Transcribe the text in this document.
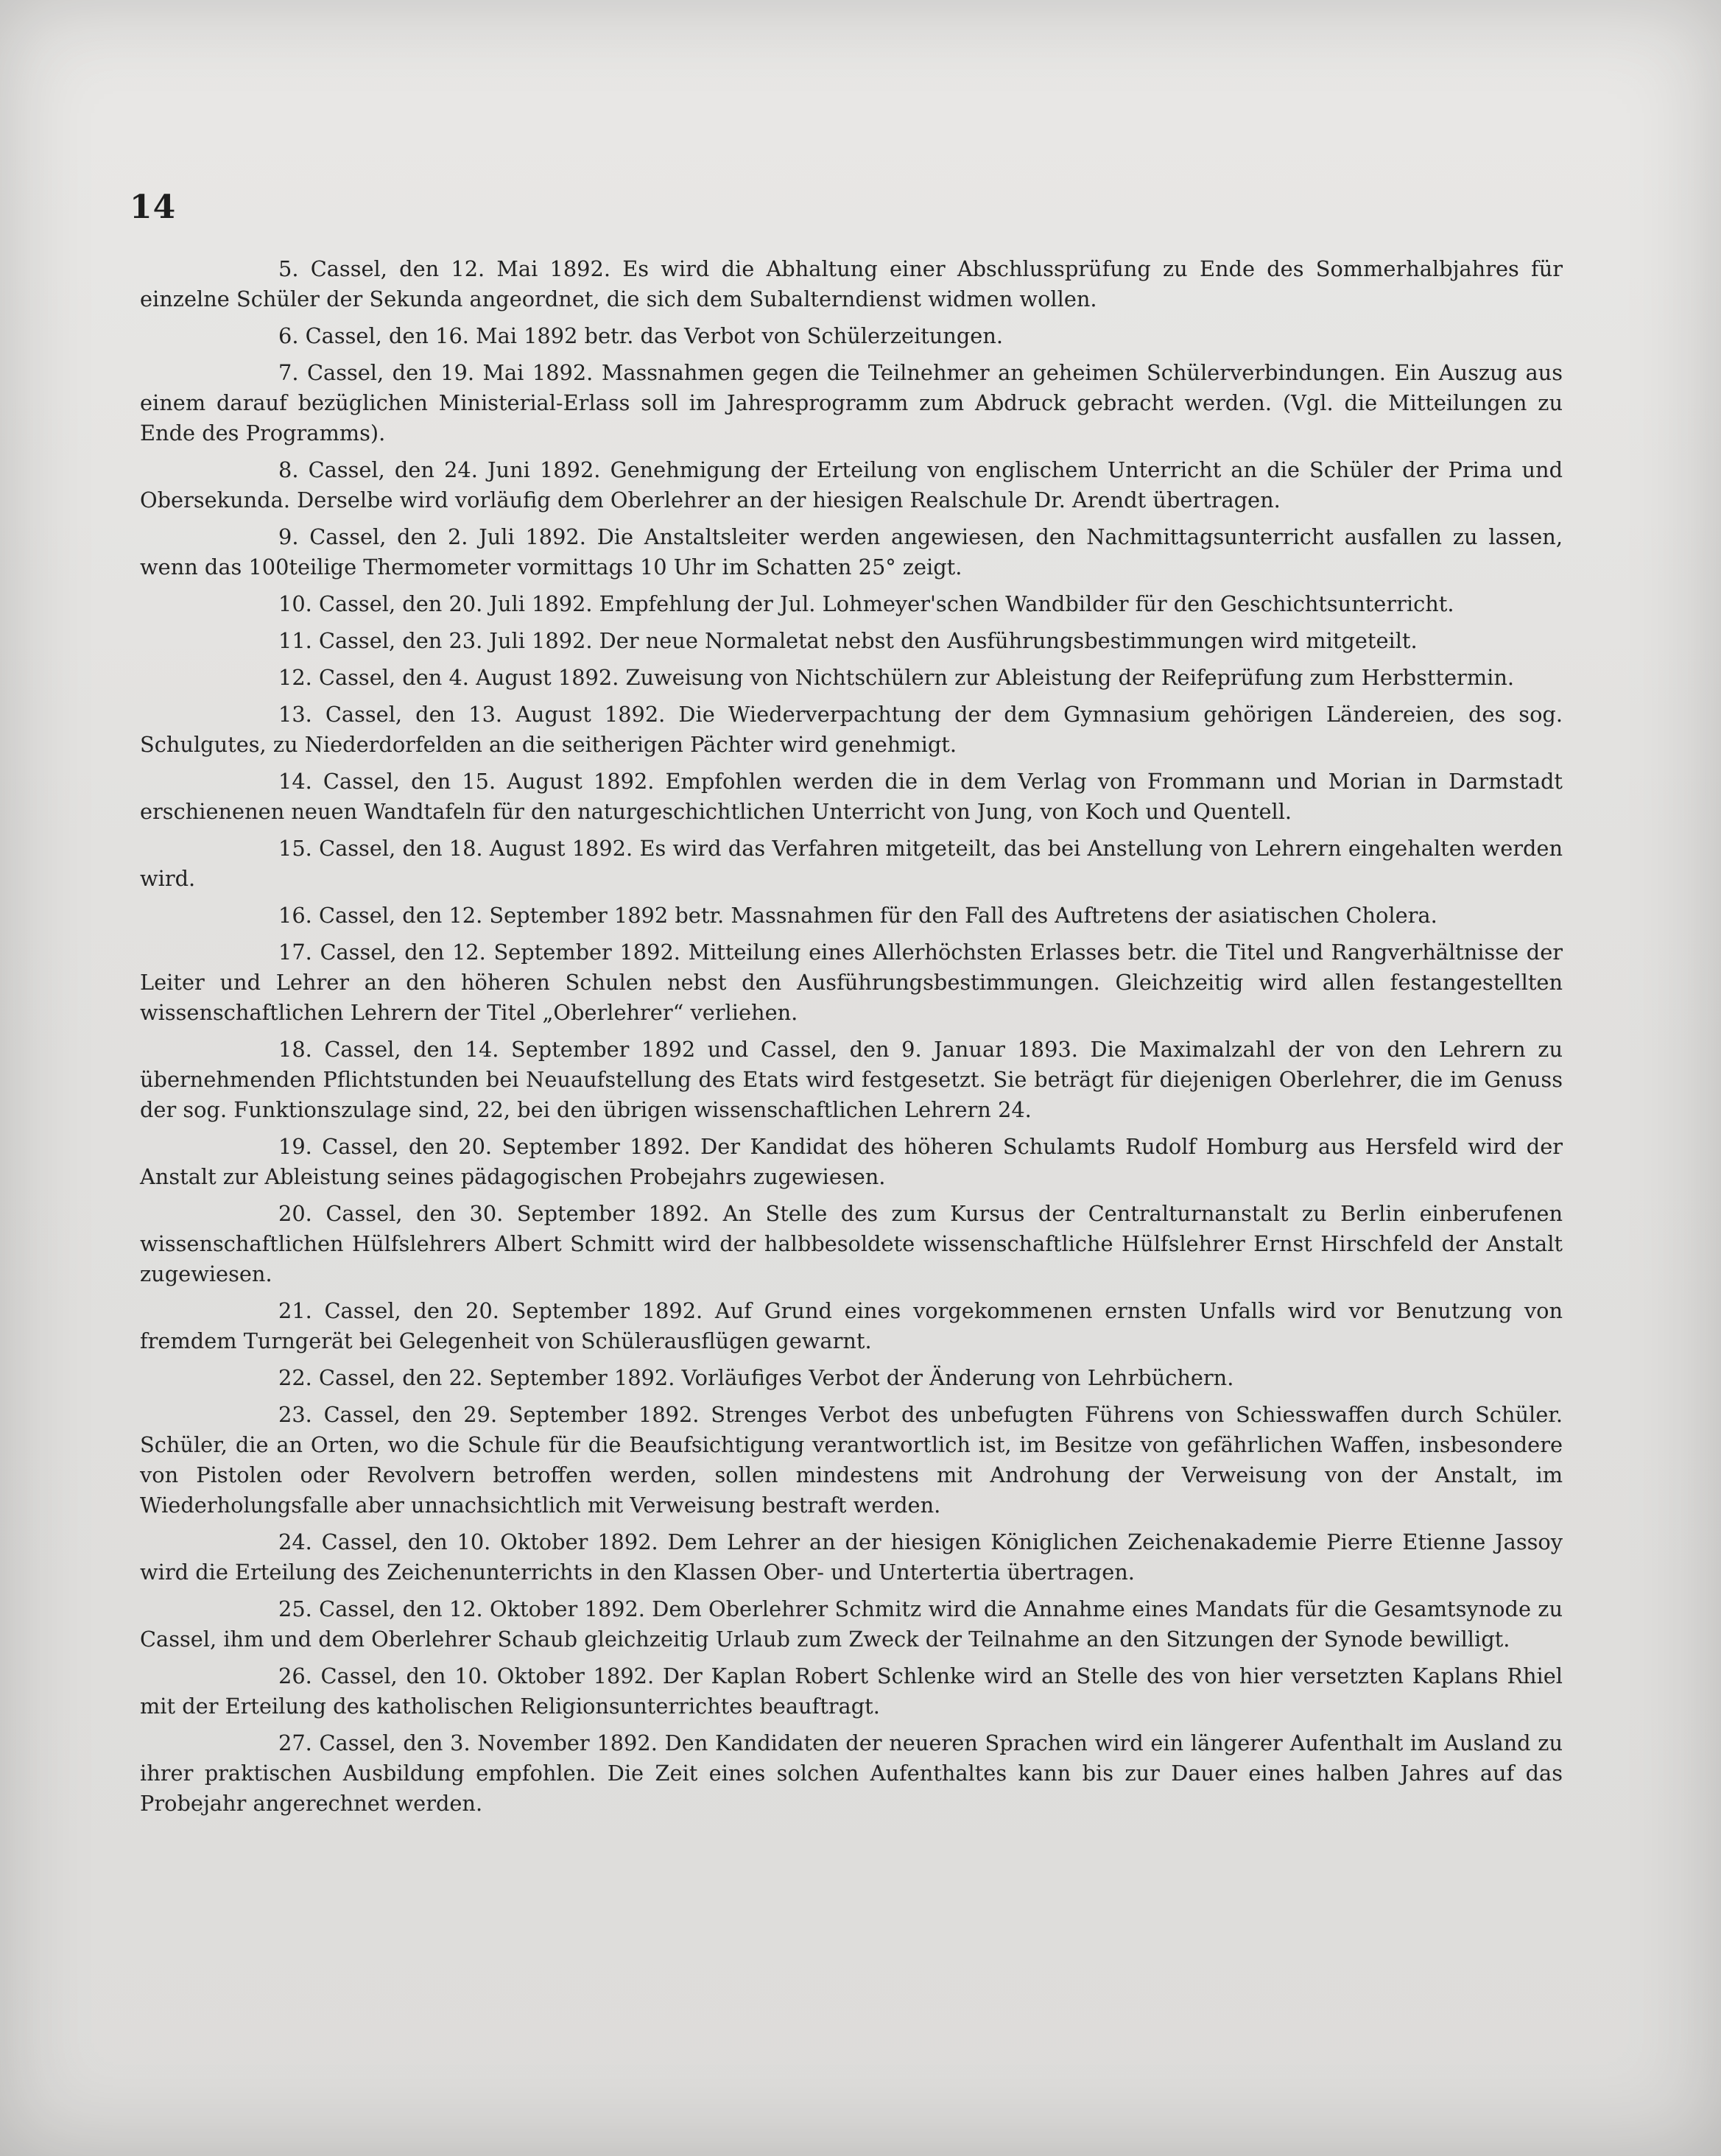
14

5. Cassel, den 12. Mai 1892. Es wird die Abhaltung einer Abschlussprüfung zu Ende des Sommerhalbjahres für einzelne Schüler der Sekunda angeordnet, die sich dem Subalterndienst widmen wollen.

6. Cassel, den 16. Mai 1892 betr. das Verbot von Schülerzeitungen.

7. Cassel, den 19. Mai 1892. Massnahmen gegen die Teilnehmer an geheimen Schülerverbindungen. Ein Auszug aus einem darauf bezüglichen Ministerial-Erlass soll im Jahresprogramm zum Abdruck gebracht werden. (Vgl. die Mitteilungen zu Ende des Programms).

8. Cassel, den 24. Juni 1892. Genehmigung der Erteilung von englischem Unterricht an die Schüler der Prima und Obersekunda. Derselbe wird vorläufig dem Oberlehrer an der hiesigen Realschule Dr. Arendt übertragen.

9. Cassel, den 2. Juli 1892. Die Anstaltsleiter werden angewiesen, den Nachmittagsunterricht ausfallen zu lassen, wenn das 100teilige Thermometer vormittags 10 Uhr im Schatten 25° zeigt.

10. Cassel, den 20. Juli 1892. Empfehlung der Jul. Lohmeyer'schen Wandbilder für den Geschichtsunterricht.

11. Cassel, den 23. Juli 1892. Der neue Normaletat nebst den Ausführungsbestimmungen wird mitgeteilt.

12. Cassel, den 4. August 1892. Zuweisung von Nichtschülern zur Ableistung der Reifeprüfung zum Herbsttermin.

13. Cassel, den 13. August 1892. Die Wiederverpachtung der dem Gymnasium gehörigen Ländereien, des sog. Schulgutes, zu Niederdorfelden an die seitherigen Pächter wird genehmigt.

14. Cassel, den 15. August 1892. Empfohlen werden die in dem Verlag von Frommann und Morian in Darmstadt erschienenen neuen Wandtafeln für den naturgeschichtlichen Unterricht von Jung, von Koch und Quentell.

15. Cassel, den 18. August 1892. Es wird das Verfahren mitgeteilt, das bei Anstellung von Lehrern eingehalten werden wird.

16. Cassel, den 12. September 1892 betr. Massnahmen für den Fall des Auftretens der asiatischen Cholera.

17. Cassel, den 12. September 1892. Mitteilung eines Allerhöchsten Erlasses betr. die Titel und Rangverhältnisse der Leiter und Lehrer an den höheren Schulen nebst den Ausführungsbestimmungen. Gleichzeitig wird allen festangestellten wissenschaftlichen Lehrern der Titel „Oberlehrer“ verliehen.

18. Cassel, den 14. September 1892 und Cassel, den 9. Januar 1893. Die Maximalzahl der von den Lehrern zu übernehmenden Pflichtstunden bei Neuaufstellung des Etats wird festgesetzt. Sie beträgt für diejenigen Oberlehrer, die im Genuss der sog. Funktionszulage sind, 22, bei den übrigen wissenschaftlichen Lehrern 24.

19. Cassel, den 20. September 1892. Der Kandidat des höheren Schulamts Rudolf Homburg aus Hersfeld wird der Anstalt zur Ableistung seines pädagogischen Probejahrs zugewiesen.

20. Cassel, den 30. September 1892. An Stelle des zum Kursus der Centralturnanstalt zu Berlin einberufenen wissenschaftlichen Hülfslehrers Albert Schmitt wird der halbbesoldete wissenschaftliche Hülfslehrer Ernst Hirschfeld der Anstalt zugewiesen.

21. Cassel, den 20. September 1892. Auf Grund eines vorgekommenen ernsten Unfalls wird vor Benutzung von fremdem Turngerät bei Gelegenheit von Schülerausflügen gewarnt.

22. Cassel, den 22. September 1892. Vorläufiges Verbot der Änderung von Lehrbüchern.

23. Cassel, den 29. September 1892. Strenges Verbot des unbefugten Führens von Schiesswaffen durch Schüler. Schüler, die an Orten, wo die Schule für die Beaufsichtigung verantwortlich ist, im Besitze von gefährlichen Waffen, insbesondere von Pistolen oder Revolvern betroffen werden, sollen mindestens mit Androhung der Verweisung von der Anstalt, im Wiederholungsfalle aber unnachsichtlich mit Verweisung bestraft werden.

24. Cassel, den 10. Oktober 1892. Dem Lehrer an der hiesigen Königlichen Zeichenakademie Pierre Etienne Jassoy wird die Erteilung des Zeichenunterrichts in den Klassen Ober- und Untertertia übertragen.

25. Cassel, den 12. Oktober 1892. Dem Oberlehrer Schmitz wird die Annahme eines Mandats für die Gesamtsynode zu Cassel, ihm und dem Oberlehrer Schaub gleichzeitig Urlaub zum Zweck der Teilnahme an den Sitzungen der Synode bewilligt.

26. Cassel, den 10. Oktober 1892. Der Kaplan Robert Schlenke wird an Stelle des von hier versetzten Kaplans Rhiel mit der Erteilung des katholischen Religionsunterrichtes beauftragt.

27. Cassel, den 3. November 1892. Den Kandidaten der neueren Sprachen wird ein längerer Aufenthalt im Ausland zu ihrer praktischen Ausbildung empfohlen. Die Zeit eines solchen Aufenthaltes kann bis zur Dauer eines halben Jahres auf das Probejahr angerechnet werden.
